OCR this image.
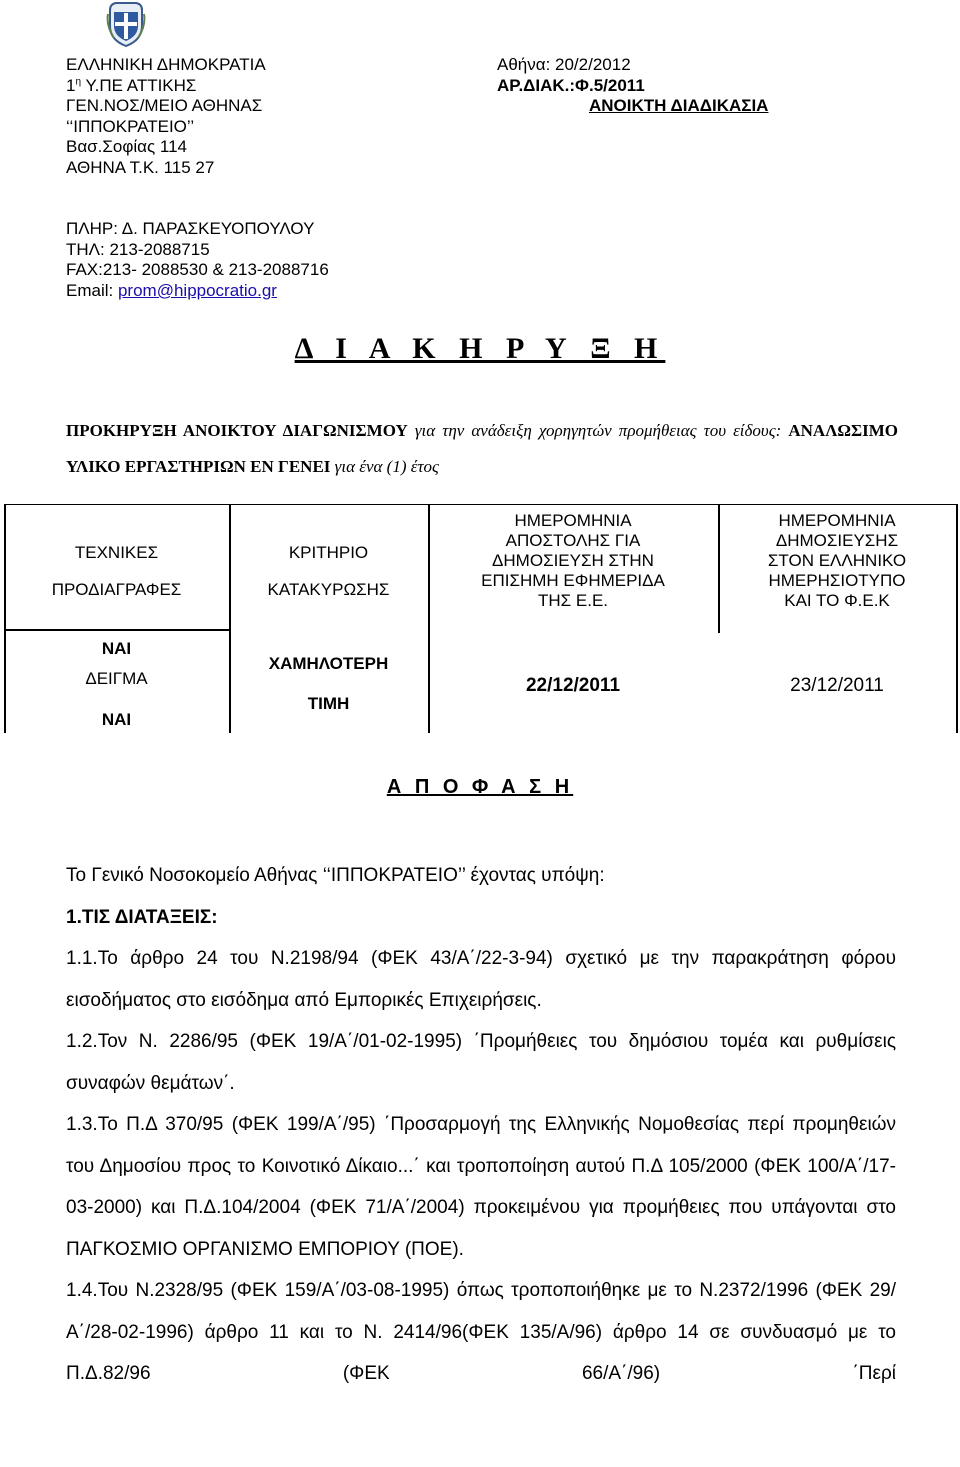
ΕΛΛΗΝΙΚΗ ΔΗΜΟΚΡΑΤΙΑ
$1^\eta$ Υ.ΠΕ ΑΤΤΙΚΗΣ
ΓΕΝ.ΝΟΣ/ΜΕΙΟ ΑΘΗΝΑΣ
‘‘ΙΠΠΟΚΡΑΤΕΙΟ’’
Βασ.Σοφίας 114
ΑΘΗΝΑ Τ.Κ. 115 27
Αθήνα: 20/2/2012
ΑΡ.ΔΙΑΚ.:Φ.5/2011
ΑΝΟΙΚΤΗ ΔΙΑΔΙΚΑΣΙΑ
ΠΛΗΡ: Δ. ΠΑΡΑΣΚΕΥΟΠΟΥΛΟΥ
ΤΗΛ: 213-2088715
FAX:213- 2088530 & 213-2088716
Email: prom@hippocratio.gr
Δ Ι Α Κ Η Ρ Υ Ξ Η
ΠΡΟΚΗΡΥΞΗ ΑΝΟΙΚΤΟΥ ΔΙΑΓΩΝΙΣΜΟΥ για την ανάδειξη χορηγητών προμήθειας του είδους: ΑΝΑΛΩΣΙΜΟ ΥΛΙΚΟ ΕΡΓΑΣΤΗΡΙΩΝ ΕΝ ΓΕΝΕΙ για ένα (1) έτος
ΤΕΧΝΙΚΕΣ
ΠΡΟΔΙΑΓΡΑΦΕΣ
ΝΑΙ
ΔΕΙΓΜΑ
ΝΑΙ
ΚΡΙΤΗΡΙΟ
ΚΑΤΑΚΥΡΩΣΗΣ
ΧΑΜΗΛΟΤΕΡΗ
ΤΙΜΗ
ΗΜΕΡΟΜΗΝΙΑ
ΑΠΟΣΤΟΛΗΣ ΓΙΑ
ΔΗΜΟΣΙΕΥΣΗ ΣΤΗΝ
ΕΠΙΣΗΜΗ ΕΦΗΜΕΡΙΔΑ
ΤΗΣ Ε.Ε.
22/12/2011
ΗΜΕΡΟΜΗΝΙΑ
ΔΗΜΟΣΙΕΥΣΗΣ
ΣΤΟΝ ΕΛΛΗΝΙΚΟ
ΗΜΕΡΗΣΙΟΤΥΠΟ
ΚΑΙ ΤΟ Φ.Ε.Κ
23/12/2011
Α Π Ο Φ Α Σ Η

Το Γενικό Νοσοκομείο Αθήνας ‘‘ΙΠΠΟΚΡΑΤΕΙΟ’’ έχοντας υπόψη:

1.ΤΙΣ ΔΙΑΤΑΞΕΙΣ:

1.1.Το άρθρο 24 του Ν.2198/94 (ΦΕΚ 43/Α΄/22-3-94) σχετικό με την παρακράτηση φόρου εισοδήματος στο εισόδημα από Εμπορικές Επιχειρήσεις.

1.2.Τον Ν. 2286/95 (ΦΕΚ 19/Α΄/01-02-1995) ΄Προμήθειες του δημόσιου τομέα και ρυθμίσεις συναφών θεμάτων΄.

1.3.Το Π.Δ 370/95 (ΦΕΚ 199/Α΄/95) ΄Προσαρμογή της Ελληνικής Νομοθεσίας περί προμηθειών του Δημοσίου προς το Κοινοτικό Δίκαιο...΄ και τροποποίηση αυτού Π.Δ 105/2000 (ΦΕΚ 100/Α΄/17-03-2000) και Π.Δ.104/2004 (ΦΕΚ 71/Α΄/2004) προκειμένου για προμήθειες που υπάγονται στο ΠΑΓΚΟΣΜΙΟ ΟΡΓΑΝΙΣΜΟ ΕΜΠΟΡΙΟΥ (ΠΟΕ).

1.4.Του Ν.2328/95 (ΦΕΚ 159/Α΄/03-08-1995) όπως τροποποιήθηκε με το Ν.2372/1996 (ΦΕΚ 29/Α΄/28-02-1996) άρθρο 11 και το Ν. 2414/96(ΦΕΚ 135/Α/96) άρθρο 14 σε συνδυασμό με το Π.Δ.82/96 (ΦΕΚ 66/Α΄/96) ΄Περί
